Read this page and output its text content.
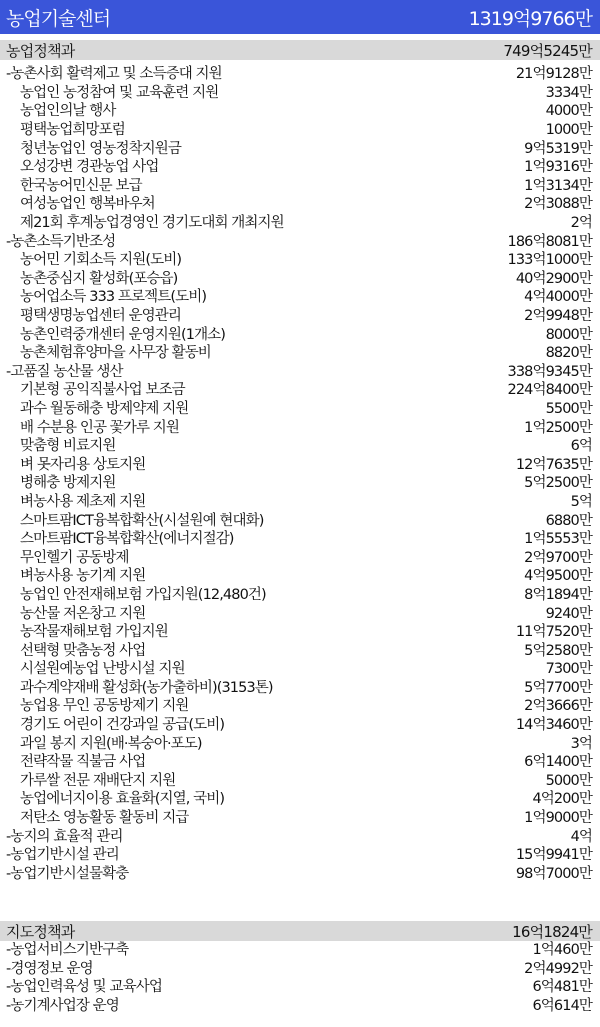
농업기술센터	1319억9766만
농업정책과	749억5245만
-농촌사회 활력제고 및 소득증대 지원	21억9128만
농업인 농정참여 및 교육훈련 지원	3334만
농업인의날 행사	4000만
평택농업희망포럼	1000만
청년농업인 영농정착지원금	9억5319만
오성강변 경관농업 사업	1억9316만
한국농어민신문 보급	1억3134만
여성농업인 행복바우처	2억3088만
제21회 후계농업경영인 경기도대회 개최지원	2억
-농촌소득기반조성	186억8081만
농어민 기회소득 지원(도비)	133억1000만
농촌중심지 활성화(포승읍)	40억2900만
농어업소득 333 프로젝트(도비)	4억4000만
평택생명농업센터 운영관리	2억9948만
농촌인력중개센터 운영지원(1개소)	8000만
농촌체험휴양마을 사무장 활동비	8820만
-고품질 농산물 생산	338억9345만
기본형 공익직불사업 보조금	224억8400만
과수 월동해충 방제약제 지원	5500만
배 수분용 인공 꽃가루 지원	1억2500만
맞춤형 비료지원	6억
벼 못자리용 상토지원	12억7635만
병해충 방제지원	5억2500만
벼농사용 제초제 지원	5억
스마트팜ICT융복합확산(시설원예 현대화)	6880만
스마트팜ICT융복합확산(에너지절감)	1억5553만
무인헬기 공동방제	2억9700만
벼농사용 농기계 지원	4억9500만
농업인 안전재해보험 가입지원(12,480건)	8억1894만
농산물 저온창고 지원	9240만
농작물재해보험 가입지원	11억7520만
선택형 맞춤농정 사업	5억2580만
시설원예농업 난방시설 지원	7300만
과수계약재배 활성화(농가출하비)(3153톤)	5억7700만
농업용 무인 공동방제기 지원	2억3666만
경기도 어린이 건강과일 공급(도비)	14억3460만
과일 봉지 지원(배·복숭아·포도)	3억
전략작물 직불금 사업	6억1400만
가루쌀 전문 재배단지 지원	5000만
농업에너지이용 효율화(지열, 국비)	4억200만
저탄소 영농활동 활동비 지급	1억9000만
-농지의 효율적 관리	4억
-농업기반시설 관리	15억9941만
-농업기반시설물확충	98억7000만
지도정책과	16억1824만
-농업서비스기반구축	1억460만
-경영정보 운영	2억4992만
-농업인력육성 및 교육사업	6억481만
-농기계사업장 운영	6억614만
